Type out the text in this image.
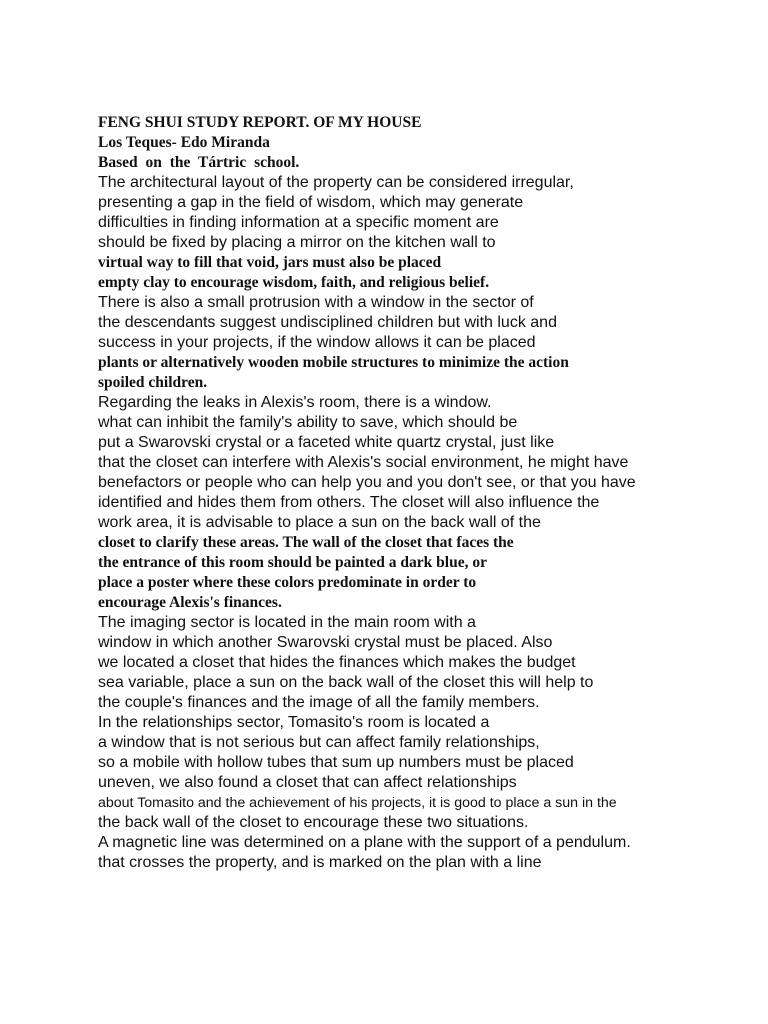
FENG SHUI STUDY REPORT. OF MY HOUSE
Los Teques- Edo Miranda
Based on the Tártric school.
The architectural layout of the property can be considered irregular,
presenting a gap in the field of wisdom, which may generate
difficulties in finding information at a specific moment are
should be fixed by placing a mirror on the kitchen wall to
virtual way to fill that void, jars must also be placed
empty clay to encourage wisdom, faith, and religious belief.
There is also a small protrusion with a window in the sector of
the descendants suggest undisciplined children but with luck and
success in your projects, if the window allows it can be placed
plants or alternatively wooden mobile structures to minimize the action
spoiled children.
Regarding the leaks in Alexis's room, there is a window.
what can inhibit the family's ability to save, which should be
put a Swarovski crystal or a faceted white quartz crystal, just like
that the closet can interfere with Alexis's social environment, he might have
benefactors or people who can help you and you don't see, or that you have
identified and hides them from others. The closet will also influence the
work area, it is advisable to place a sun on the back wall of the
closet to clarify these areas. The wall of the closet that faces the
the entrance of this room should be painted a dark blue, or
place a poster where these colors predominate in order to
encourage Alexis's finances.
The imaging sector is located in the main room with a
window in which another Swarovski crystal must be placed. Also
we located a closet that hides the finances which makes the budget
sea variable, place a sun on the back wall of the closet this will help to
the couple's finances and the image of all the family members.
In the relationships sector, Tomasito's room is located a
a window that is not serious but can affect family relationships,
so a mobile with hollow tubes that sum up numbers must be placed
uneven, we also found a closet that can affect relationships
about Tomasito and the achievement of his projects, it is good to place a sun in the
the back wall of the closet to encourage these two situations.
A magnetic line was determined on a plane with the support of a pendulum.
that crosses the property, and is marked on the plan with a line
